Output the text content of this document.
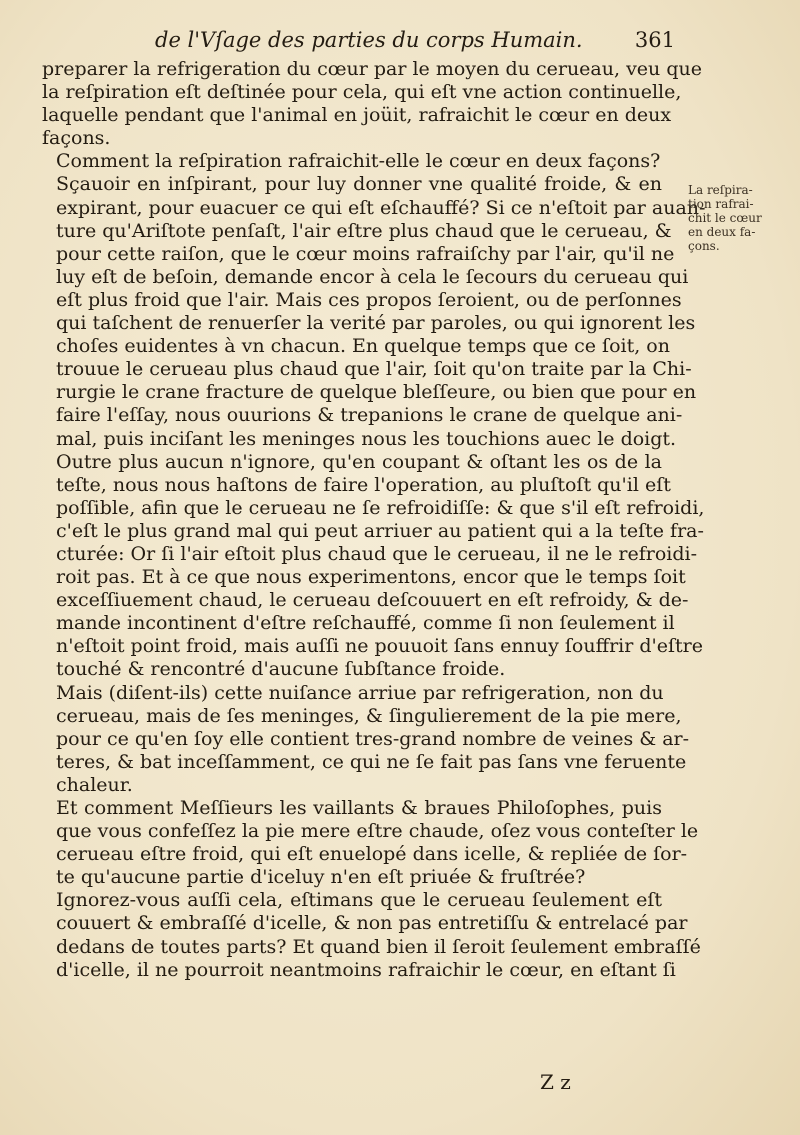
de l'Vſage des parties du corps Humain. 361

preparer la refrigeration du cœur par le moyen du cerueau, veu que
la reſpiration eſt deſtinée pour cela, qui eſt vne action continuelle,
laquelle pendant que l'animal en joüit, rafraichit le cœur en deux
façons.

Comment la reſpiration rafraichit-elle le cœur en deux façons?

Sçauoir en inſpirant, pour luy donner vne qualité froide, & en
expirant, pour euacuer ce qui eſt eſchauffé? Si ce n'eſtoit par auan-
ture qu'Ariſtote penſaſt, l'air eſtre plus chaud que le cerueau, &
pour cette raiſon, que le cœur moins rafraiſchy par l'air, qu'il ne
luy eſt de beſoin, demande encor à cela le ſecours du cerueau qui
eſt plus froid que l'air. Mais ces propos ſeroient, ou de perſonnes
qui taſchent de renuerſer la verité par paroles, ou qui ignorent les
choſes euidentes à vn chacun. En quelque temps que ce ſoit, on
trouue le cerueau plus chaud que l'air, ſoit qu'on traite par la Chi-
rurgie le crane fracture de quelque bleſſeure, ou bien que pour en
faire l'eſſay, nous ouurions & trepanions le crane de quelque ani-
mal, puis inciſant les meninges nous les touchions auec le doigt.

Outre plus aucun n'ignore, qu'en coupant & oſtant les os de la
teſte, nous nous haſtons de faire l'operation, au pluſtoſt qu'il eſt
poſſible, afin que le cerueau ne ſe refroidiſſe: & que s'il eſt refroidi,
c'eſt le plus grand mal qui peut arriuer au patient qui a la teſte fra-
cturée: Or ſi l'air eſtoit plus chaud que le cerueau, il ne le refroidi-
roit pas. Et à ce que nous experimentons, encor que le temps ſoit
exceſſiuement chaud, le cerueau deſcouuert en eſt refroidy, & de-
mande incontinent d'eſtre reſchauffé, comme ſi non ſeulement il
n'eſtoit point froid, mais auſſi ne pouuoit ſans ennuy ſouffrir d'eſtre
touché & rencontré d'aucune ſubſtance froide.

Mais (diſent-ils) cette nuiſance arriue par refrigeration, non du
cerueau, mais de ſes meninges, & ſingulierement de la pie mere,
pour ce qu'en ſoy elle contient tres-grand nombre de veines & ar-
teres, & bat inceſſamment, ce qui ne ſe fait pas ſans vne feruente
chaleur.

Et comment Meſſieurs les vaillants & braues Philoſophes, puis
que vous confeſſez la pie mere eſtre chaude, oſez vous conteſter le
cerueau eſtre froid, qui eſt enuelopé dans icelle, & repliée de ſor-
te qu'aucune partie d'iceluy n'en eſt priuée & fruſtrée?

Ignorez-vous auſſi cela, eſtimans que le cerueau ſeulement eſt
couuert & embraſſé d'icelle, & non pas entretiſſu & entrelacé par
dedans de toutes parts? Et quand bien il ſeroit ſeulement embraſſé
d'icelle, il ne pourroit neantmoins rafraichir le cœur, en eſtant ſi

La reſpira-
tion rafrai-
chit le cœur
en deux fa-
çons.
Z z
